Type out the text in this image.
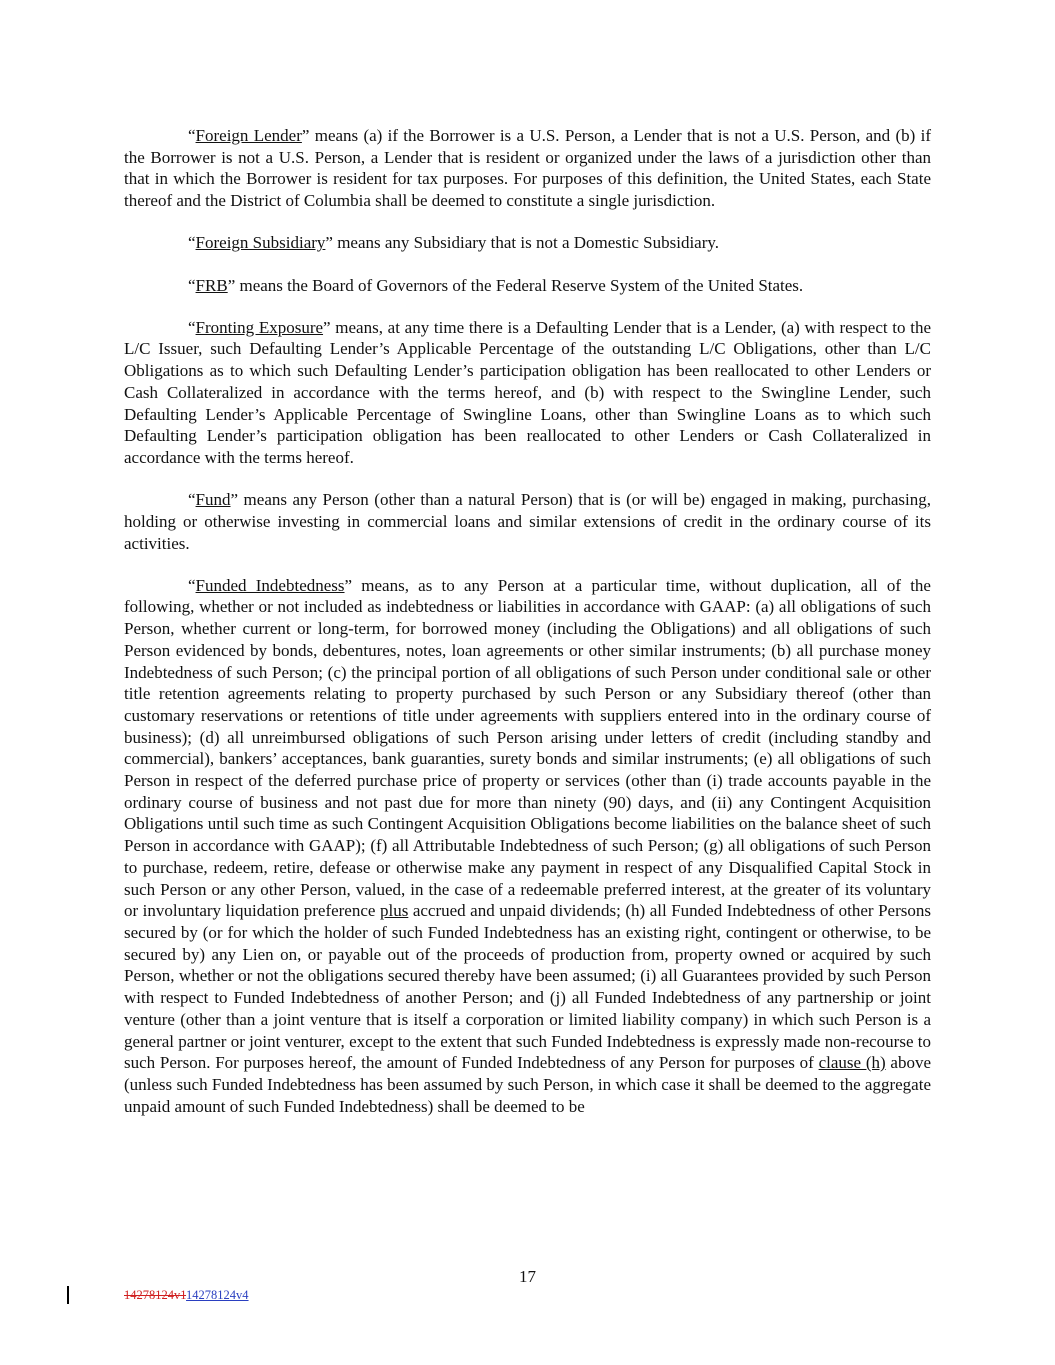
“Foreign Lender” means (a) if the Borrower is a U.S. Person, a Lender that is not a U.S. Person, and (b) if the Borrower is not a U.S. Person, a Lender that is resident or organized under the laws of a jurisdiction other than that in which the Borrower is resident for tax purposes. For purposes of this definition, the United States, each State thereof and the District of Columbia shall be deemed to constitute a single jurisdiction.

“Foreign Subsidiary” means any Subsidiary that is not a Domestic Subsidiary.

“FRB” means the Board of Governors of the Federal Reserve System of the United States.

“Fronting Exposure” means, at any time there is a Defaulting Lender that is a Lender, (a) with respect to the L/C Issuer, such Defaulting Lender’s Applicable Percentage of the outstanding L/C Obligations, other than L/C Obligations as to which such Defaulting Lender’s participation obligation has been reallocated to other Lenders or Cash Collateralized in accordance with the terms hereof, and (b) with respect to the Swingline Lender, such Defaulting Lender’s Applicable Percentage of Swingline Loans, other than Swingline Loans as to which such Defaulting Lender’s participation obligation has been reallocated to other Lenders or Cash Collateralized in accordance with the terms hereof.

“Fund” means any Person (other than a natural Person) that is (or will be) engaged in making, purchasing, holding or otherwise investing in commercial loans and similar extensions of credit in the ordinary course of its activities.

“Funded Indebtedness” means, as to any Person at a particular time, without duplication, all of the following, whether or not included as indebtedness or liabilities in accordance with GAAP: (a) all obligations of such Person, whether current or long-term, for borrowed money (including the Obligations) and all obligations of such Person evidenced by bonds, debentures, notes, loan agreements or other similar instruments; (b) all purchase money Indebtedness of such Person; (c) the principal portion of all obligations of such Person under conditional sale or other title retention agreements relating to property purchased by such Person or any Subsidiary thereof (other than customary reservations or retentions of title under agreements with suppliers entered into in the ordinary course of business); (d) all unreimbursed obligations of such Person arising under letters of credit (including standby and commercial), bankers’ acceptances, bank guaranties, surety bonds and similar instruments; (e) all obligations of such Person in respect of the deferred purchase price of property or services (other than (i) trade accounts payable in the ordinary course of business and not past due for more than ninety (90) days, and (ii) any Contingent Acquisition Obligations until such time as such Contingent Acquisition Obligations become liabilities on the balance sheet of such Person in accordance with GAAP); (f) all Attributable Indebtedness of such Person; (g) all obligations of such Person to purchase, redeem, retire, defease or otherwise make any payment in respect of any Disqualified Capital Stock in such Person or any other Person, valued, in the case of a redeemable preferred interest, at the greater of its voluntary or involuntary liquidation preference plus accrued and unpaid dividends; (h) all Funded Indebtedness of other Persons secured by (or for which the holder of such Funded Indebtedness has an existing right, contingent or otherwise, to be secured by) any Lien on, or payable out of the proceeds of production from, property owned or acquired by such Person, whether or not the obligations secured thereby have been assumed; (i) all Guarantees provided by such Person with respect to Funded Indebtedness of another Person; and (j) all Funded Indebtedness of any partnership or joint venture (other than a joint venture that is itself a corporation or limited liability company) in which such Person is a general partner or joint venturer, except to the extent that such Funded Indebtedness is expressly made non-recourse to such Person. For purposes hereof, the amount of Funded Indebtedness of any Person for purposes of clause (h) above (unless such Funded Indebtedness has been assumed by such Person, in which case it shall be deemed to the aggregate unpaid amount of such Funded Indebtedness) shall be deemed to be

17
14278124v114278124v4
